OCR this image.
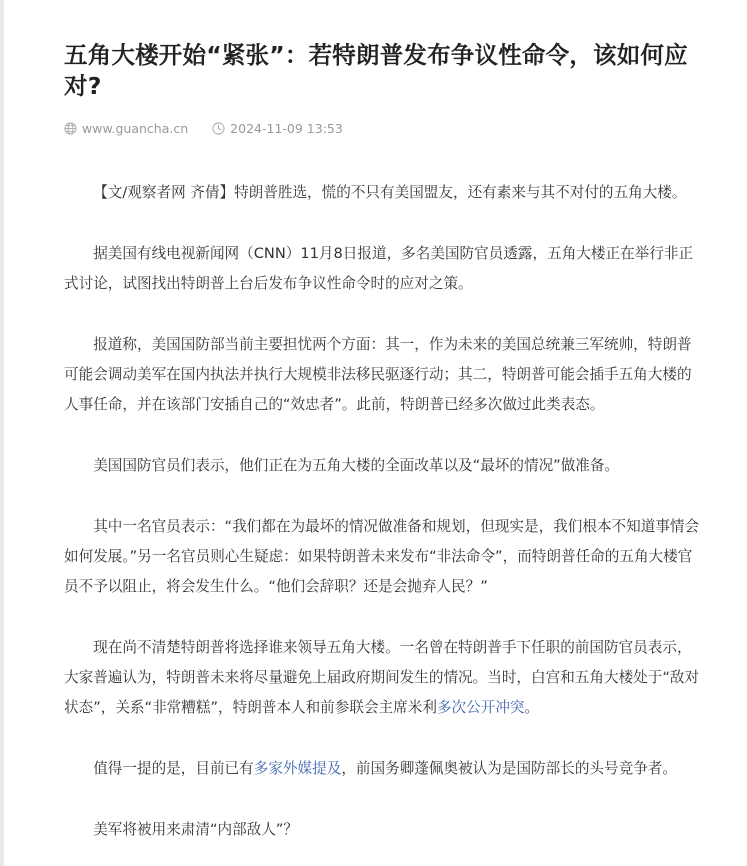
五角大楼开始“紧张”：若特朗普发布争议性命令，该如何应对?
www.guancha.cn	2024-11-09 13:53

【文/观察者网 齐倩】特朗普胜选，慌的不只有美国盟友，还有素来与其不对付的五角大楼。

据美国有线电视新闻网（CNN）11月8日报道，多名美国防官员透露，五角大楼正在举行非正式讨论，试图找出特朗普上台后发布争议性命令时的应对之策。

报道称，美国国防部当前主要担忧两个方面：其一，作为未来的美国总统兼三军统帅，特朗普可能会调动美军在国内执法并执行大规模非法移民驱逐行动；其二，特朗普可能会插手五角大楼的人事任命，并在该部门安插自己的“效忠者”。此前，特朗普已经多次做过此类表态。

美国国防官员们表示，他们正在为五角大楼的全面改革以及“最坏的情况”做准备。

其中一名官员表示：“我们都在为最坏的情况做准备和规划，但现实是，我们根本不知道事情会如何发展。”另一名官员则心生疑虑：如果特朗普未来发布“非法命令”，而特朗普任命的五角大楼官员不予以阻止，将会发生什么。“他们会辞职？还是会抛弃人民？”

现在尚不清楚特朗普将选择谁来领导五角大楼。一名曾在特朗普手下任职的前国防官员表示，大家普遍认为，特朗普未来将尽量避免上届政府期间发生的情况。当时，白宫和五角大楼处于“敌对状态”，关系“非常糟糕”，特朗普本人和前参联会主席米利多次公开冲突。

值得一提的是，目前已有多家外媒提及，前国务卿蓬佩奥被认为是国防部长的头号竞争者。

美军将被用来肃清“内部敌人”？
